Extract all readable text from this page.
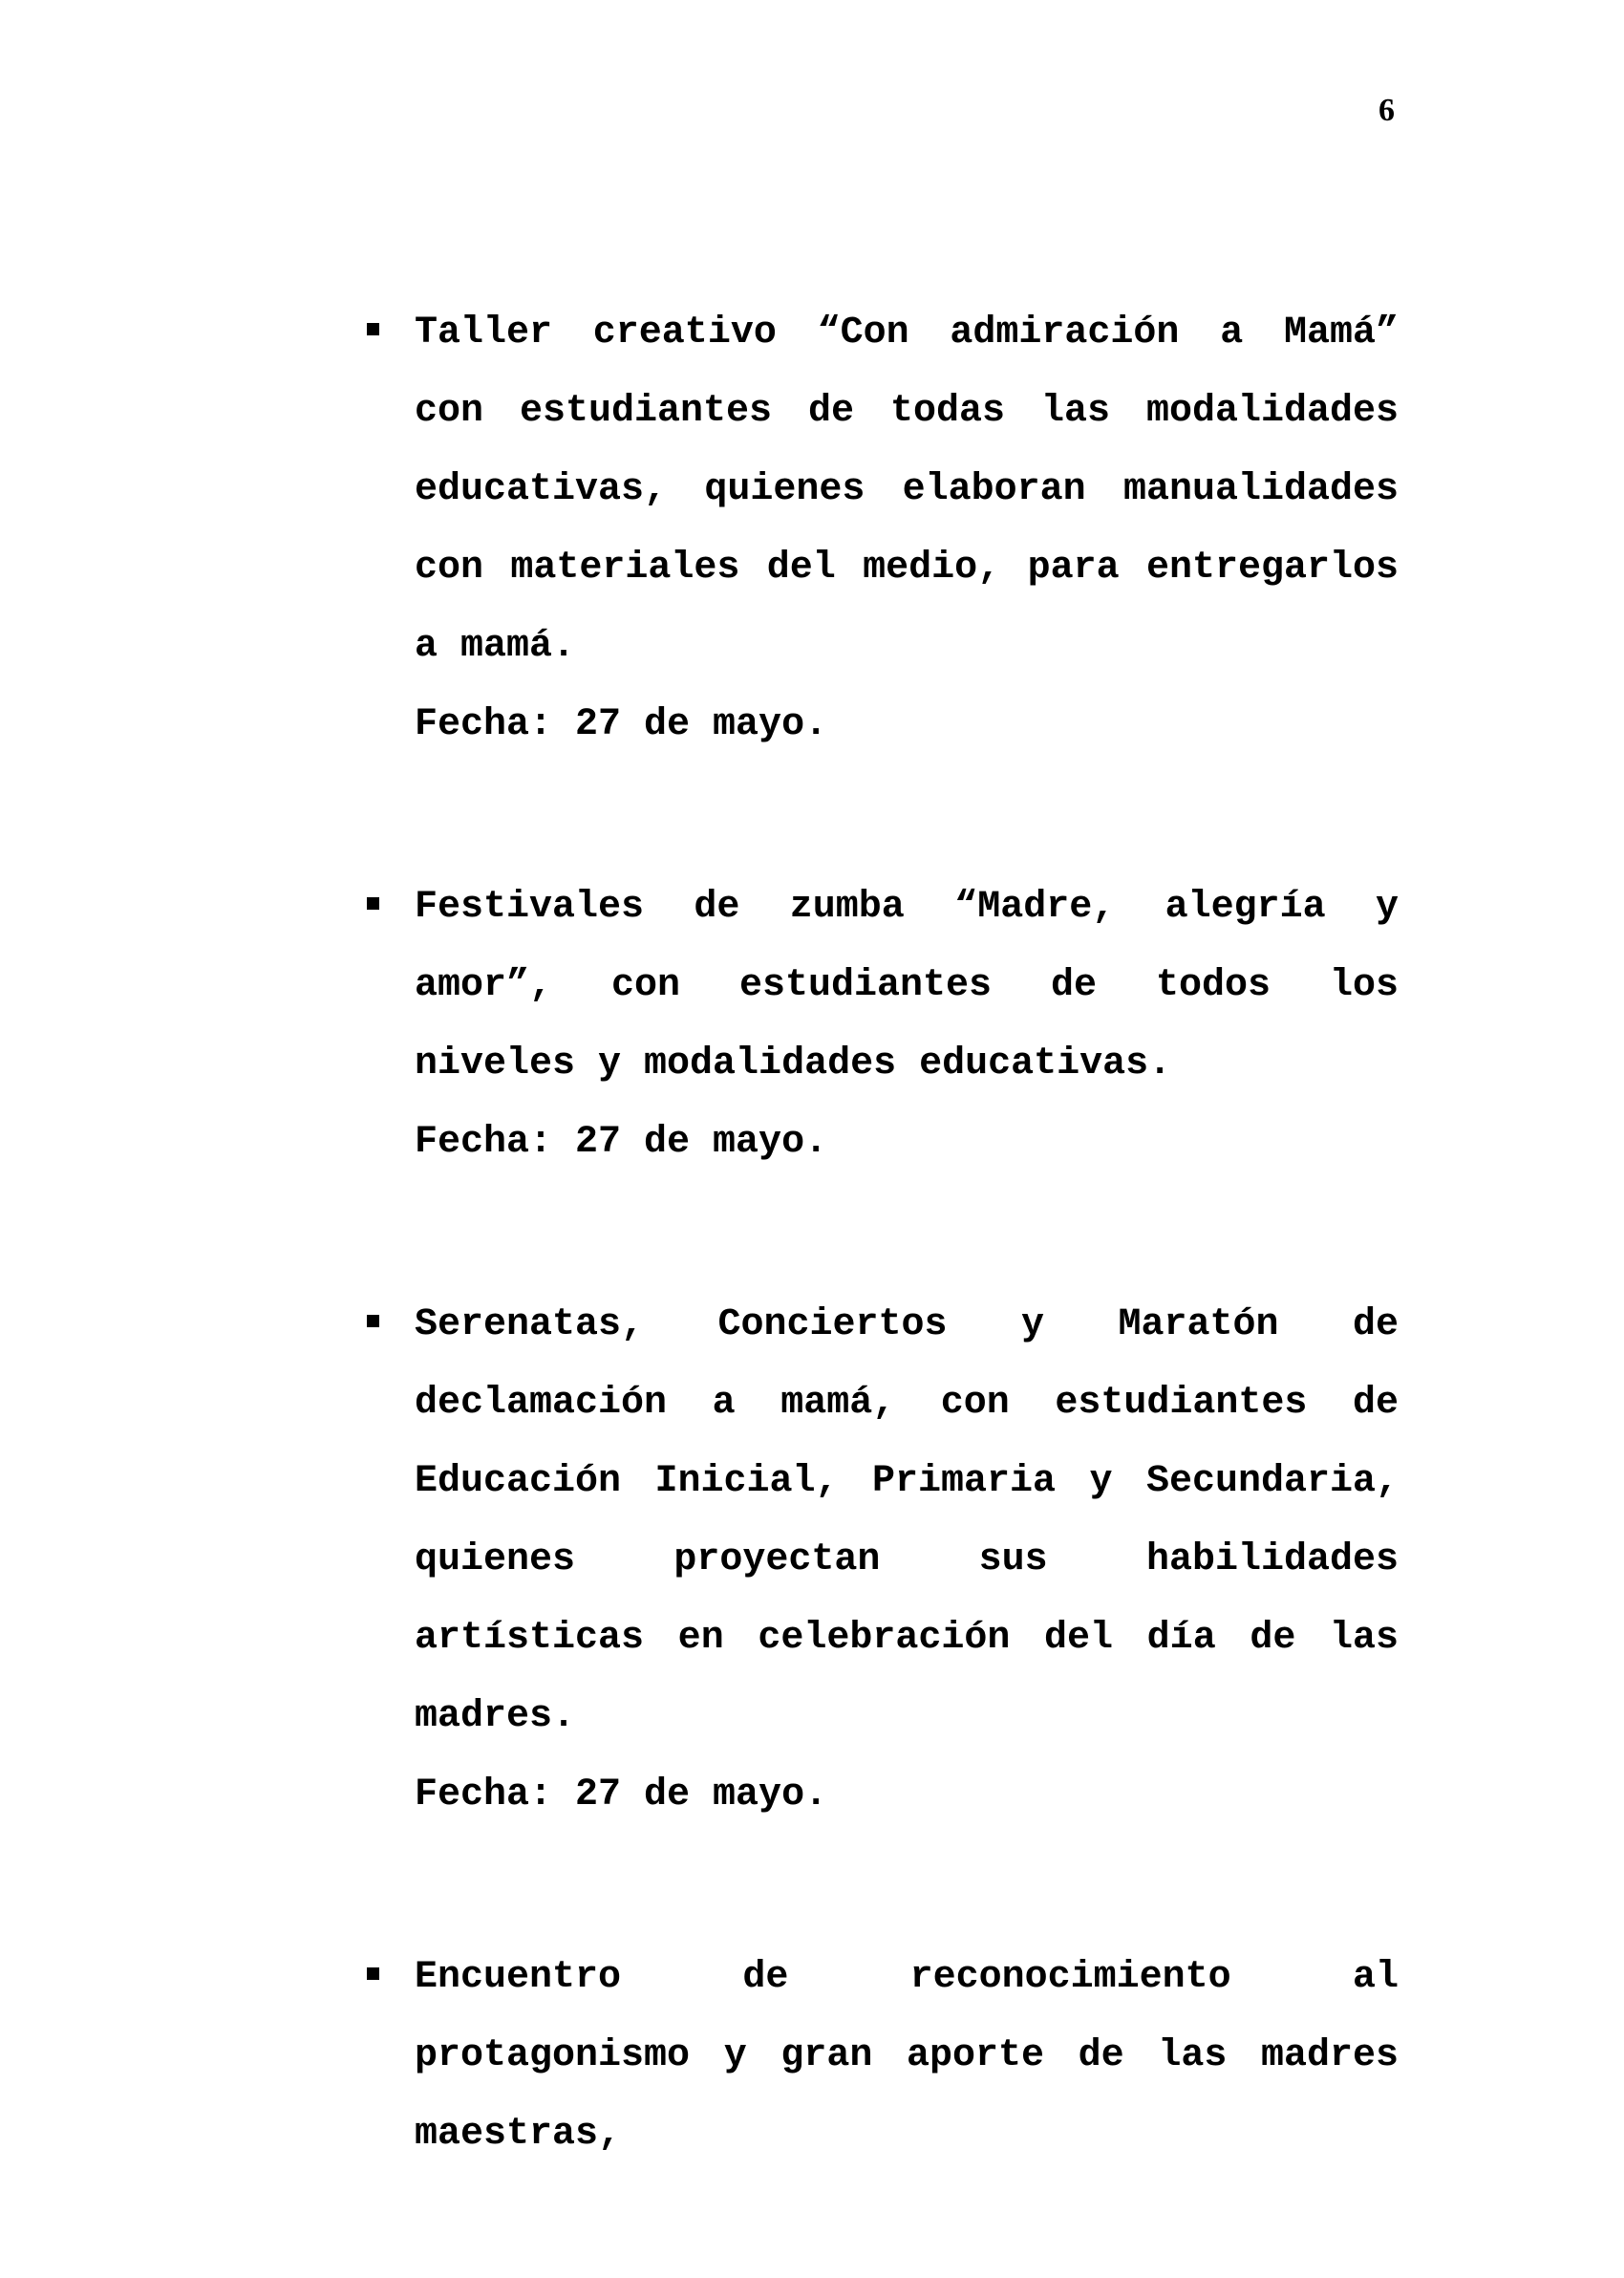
6
Taller creativo “Con admiración a Mamá” con estudiantes de todas las modalidades educativas, quienes elaboran manualidades con materiales del medio, para entregarlos a mamá.
Fecha: 27 de mayo.
Festivales de zumba “Madre, alegría y amor”, con estudiantes de todos los niveles y modalidades educativas.
Fecha: 27 de mayo.
Serenatas, Conciertos y Maratón de declamación a mamá, con estudiantes de Educación Inicial, Primaria y Secundaria, quienes proyectan sus habilidades artísticas en celebración del día de las madres.
Fecha: 27 de mayo.
Encuentro de reconocimiento al protagonismo y gran aporte de las madres maestras,
